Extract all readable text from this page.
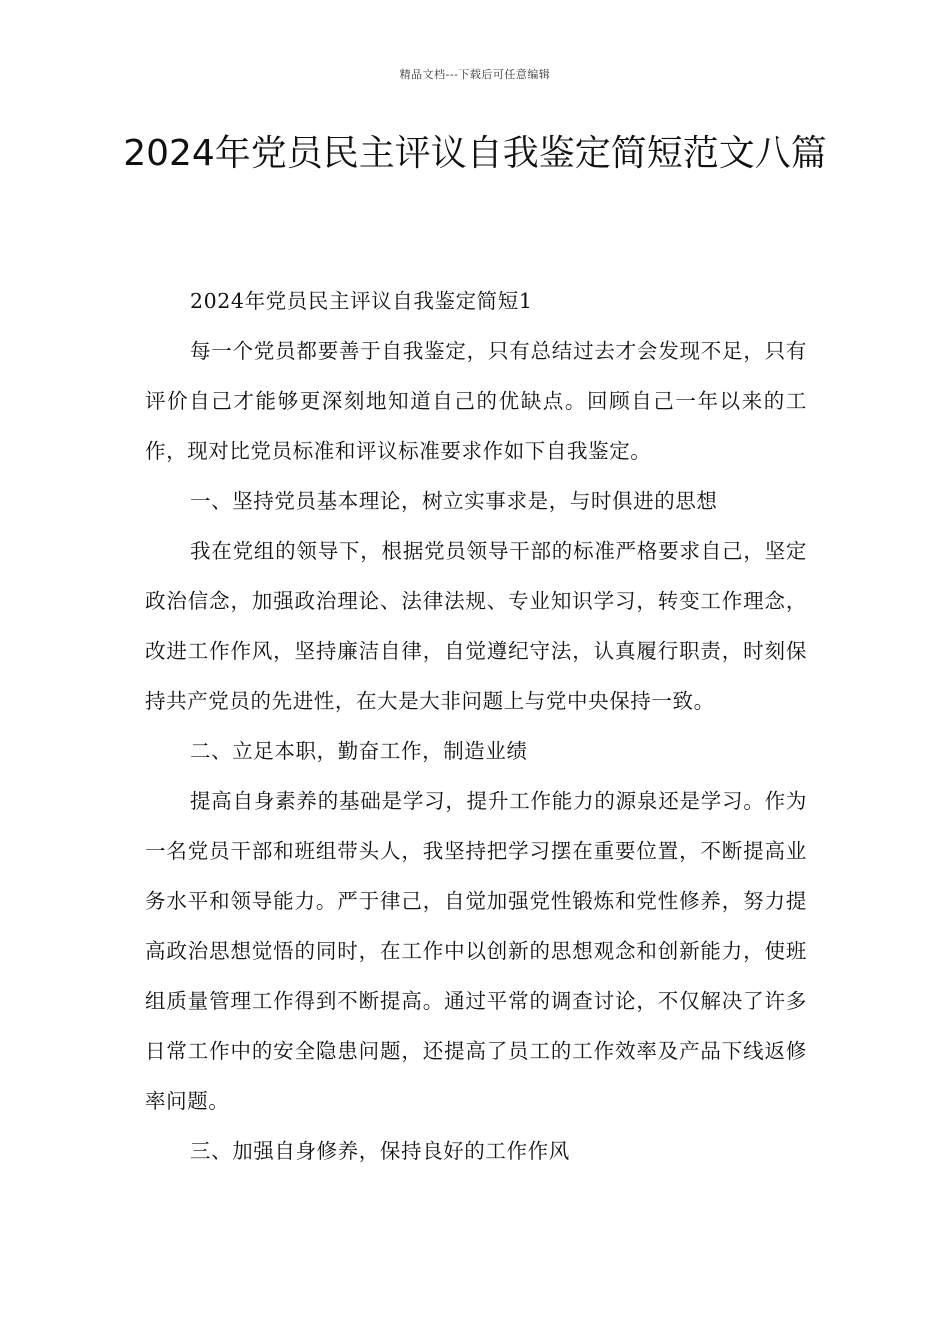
精品文档---下载后可任意编辑
2024年党员民主评议自我鉴定简短范文八篇

2024年党员民主评议自我鉴定简短1

每一个党员都要善于自我鉴定，只有总结过去才会发现不足，只有评价自己才能够更深刻地知道自己的优缺点。回顾自己一年以来的工作，现对比党员标准和评议标准要求作如下自我鉴定。

一、坚持党员基本理论，树立实事求是，与时俱进的思想

我在党组的领导下，根据党员领导干部的标准严格要求自己，坚定政治信念，加强政治理论、法律法规、专业知识学习，转变工作理念，改进工作作风，坚持廉洁自律，自觉遵纪守法，认真履行职责，时刻保持共产党员的先进性，在大是大非问题上与党中央保持一致。

二、立足本职，勤奋工作，制造业绩

提高自身素养的基础是学习，提升工作能力的源泉还是学习。作为一名党员干部和班组带头人，我坚持把学习摆在重要位置，不断提高业务水平和领导能力。严于律己，自觉加强党性锻炼和党性修养，努力提高政治思想觉悟的同时，在工作中以创新的思想观念和创新能力，使班组质量管理工作得到不断提高。通过平常的调查讨论，不仅解决了许多日常工作中的安全隐患问题，还提高了员工的工作效率及产品下线返修率问题。

三、加强自身修养，保持良好的工作作风
